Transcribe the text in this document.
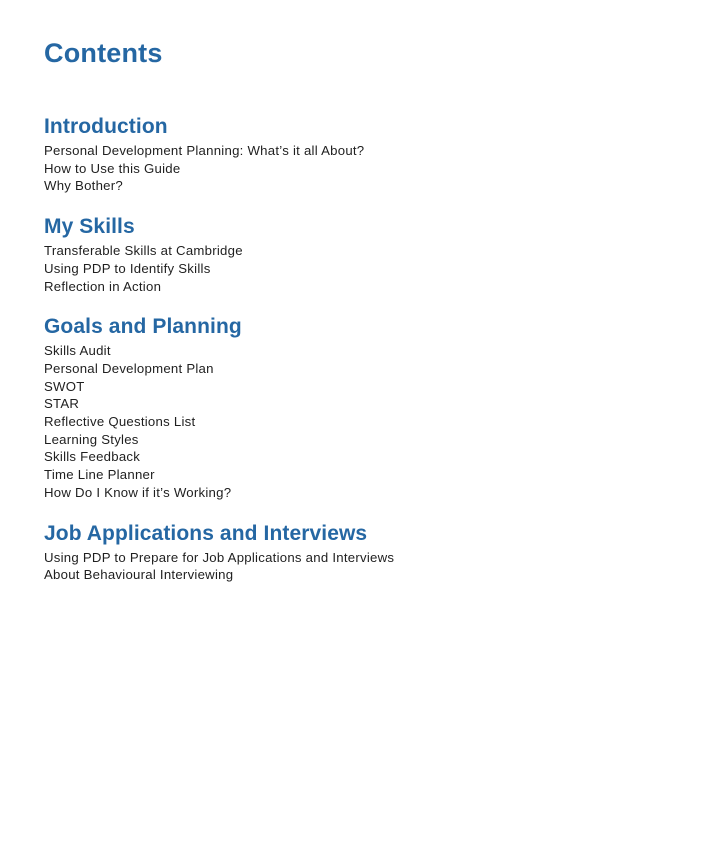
Contents
Introduction
Personal Development Planning: What’s it all About?
How to Use this Guide
Why Bother?
My Skills
Transferable Skills at Cambridge
Using PDP to Identify Skills
Reflection in Action
Goals and Planning
Skills Audit
Personal Development Plan
SWOT
STAR
Reflective Questions List
Learning Styles
Skills Feedback
Time Line Planner
How Do I Know if it’s Working?
Job Applications and Interviews
Using PDP to Prepare for Job Applications and Interviews
About Behavioural Interviewing
